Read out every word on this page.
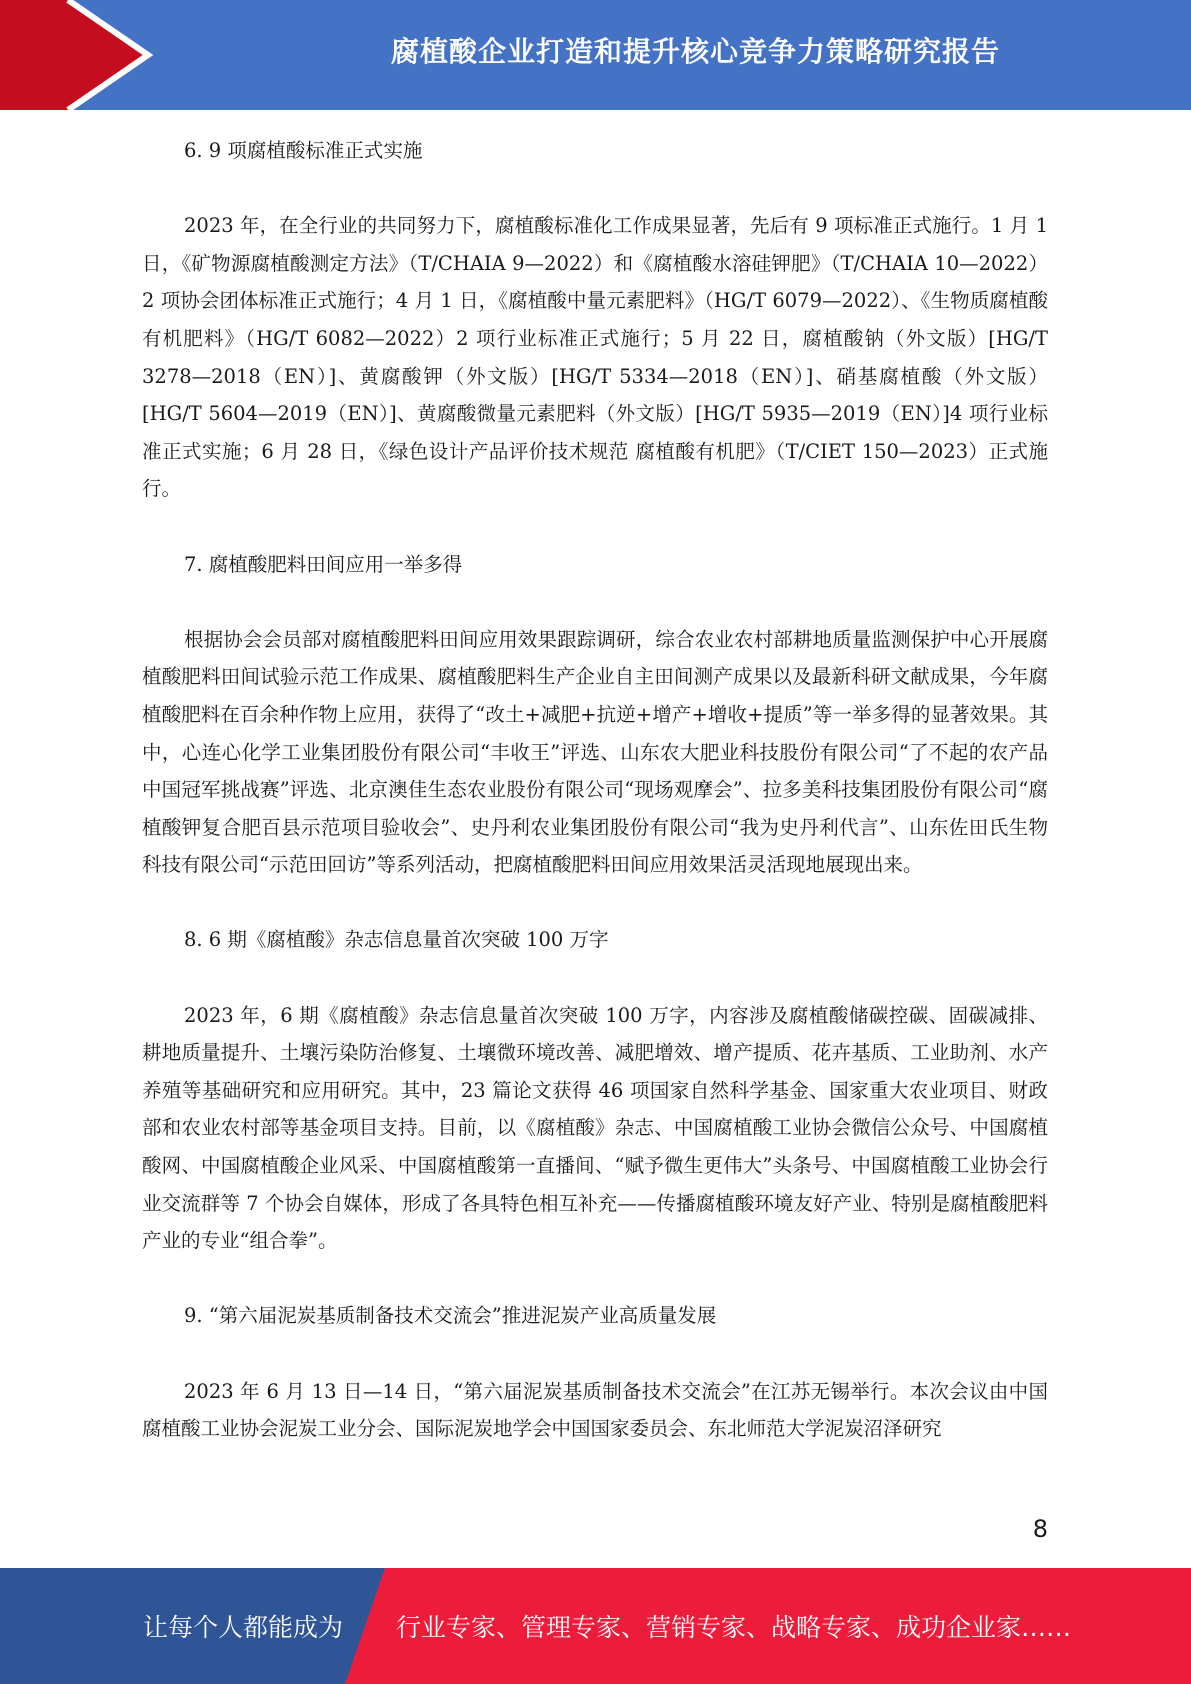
腐植酸企业打造和提升核心竞争力策略研究报告

6. 9 项腐植酸标准正式实施

2023 年，在全行业的共同努力下，腐植酸标准化工作成果显著，先后有 9 项标准正式施行。1 月 1 日，《矿物源腐植酸测定方法》（T/CHAIA 9—2022）和《腐植酸水溶硅钾肥》（T/CHAIA 10—2022）2 项协会团体标准正式施行；4 月 1 日，《腐植酸中量元素肥料》（HG/T 6079—2022）、《生物质腐植酸有机肥料》（HG/T 6082—2022）2 项行业标准正式施行；5 月 22 日，腐植酸钠（外文版）[HG/T 3278—2018（EN）]、黄腐酸钾（外文版）[HG/T 5334—2018（EN）]、硝基腐植酸（外文版）[HG/T 5604—2019（EN）]、黄腐酸微量元素肥料（外文版）[HG/T 5935—2019（EN）]4 项行业标准正式实施；6 月 28 日，《绿色设计产品评价技术规范 腐植酸有机肥》（T/CIET 150—2023）正式施行。

7. 腐植酸肥料田间应用一举多得

根据协会会员部对腐植酸肥料田间应用效果跟踪调研，综合农业农村部耕地质量监测保护中心开展腐植酸肥料田间试验示范工作成果、腐植酸肥料生产企业自主田间测产成果以及最新科研文献成果，今年腐植酸肥料在百余种作物上应用，获得了“改土+减肥+抗逆+增产+增收+提质”等一举多得的显著效果。其中，心连心化学工业集团股份有限公司“丰收王”评选、山东农大肥业科技股份有限公司“了不起的农产品中国冠军挑战赛”评选、北京澳佳生态农业股份有限公司“现场观摩会”、拉多美科技集团股份有限公司“腐植酸钾复合肥百县示范项目验收会”、史丹利农业集团股份有限公司“我为史丹利代言”、山东佐田氏生物科技有限公司“示范田回访”等系列活动，把腐植酸肥料田间应用效果活灵活现地展现出来。

8. 6 期《腐植酸》杂志信息量首次突破 100 万字

2023 年，6 期《腐植酸》杂志信息量首次突破 100 万字，内容涉及腐植酸储碳控碳、固碳减排、耕地质量提升、土壤污染防治修复、土壤微环境改善、减肥增效、增产提质、花卉基质、工业助剂、水产养殖等基础研究和应用研究。其中，23 篇论文获得 46 项国家自然科学基金、国家重大农业项目、财政部和农业农村部等基金项目支持。目前，以《腐植酸》杂志、中国腐植酸工业协会微信公众号、中国腐植酸网、中国腐植酸企业风采、中国腐植酸第一直播间、“赋予微生更伟大”头条号、中国腐植酸工业协会行业交流群等 7 个协会自媒体，形成了各具特色相互补充——传播腐植酸环境友好产业、特别是腐植酸肥料产业的专业“组合拳”。

9. “第六届泥炭基质制备技术交流会”推进泥炭产业高质量发展

2023 年 6 月 13 日—14 日，“第六届泥炭基质制备技术交流会”在江苏无锡举行。本次会议由中国腐植酸工业协会泥炭工业分会、国际泥炭地学会中国国家委员会、东北师范大学泥炭沼泽研究

8
让每个人都能成为 行业专家、管理专家、营销专家、战略专家、成功企业家……
